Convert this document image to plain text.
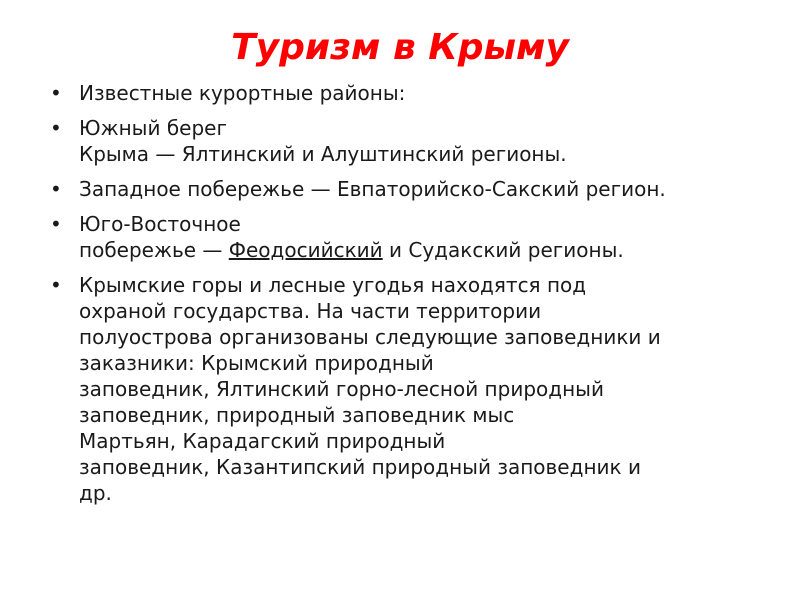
Туризм в Крыму
• Известные курортные районы:
• Южный берег
Крыма — Ялтинский и Алуштинский регионы.
• Западное побережье — Евпаторийско-Сакский регион.
• Юго-Восточное
побережье — Феодосийский и Судакский регионы.
• Крымские горы и лесные угодья находятся под
охраной государства. На части территории
полуострова организованы следующие заповедники и
заказники: Крымский природный
заповедник, Ялтинский горно-лесной природный
заповедник, природный заповедник мыс
Мартьян, Карадагский природный
заповедник, Казантипский природный заповедник и
др.
